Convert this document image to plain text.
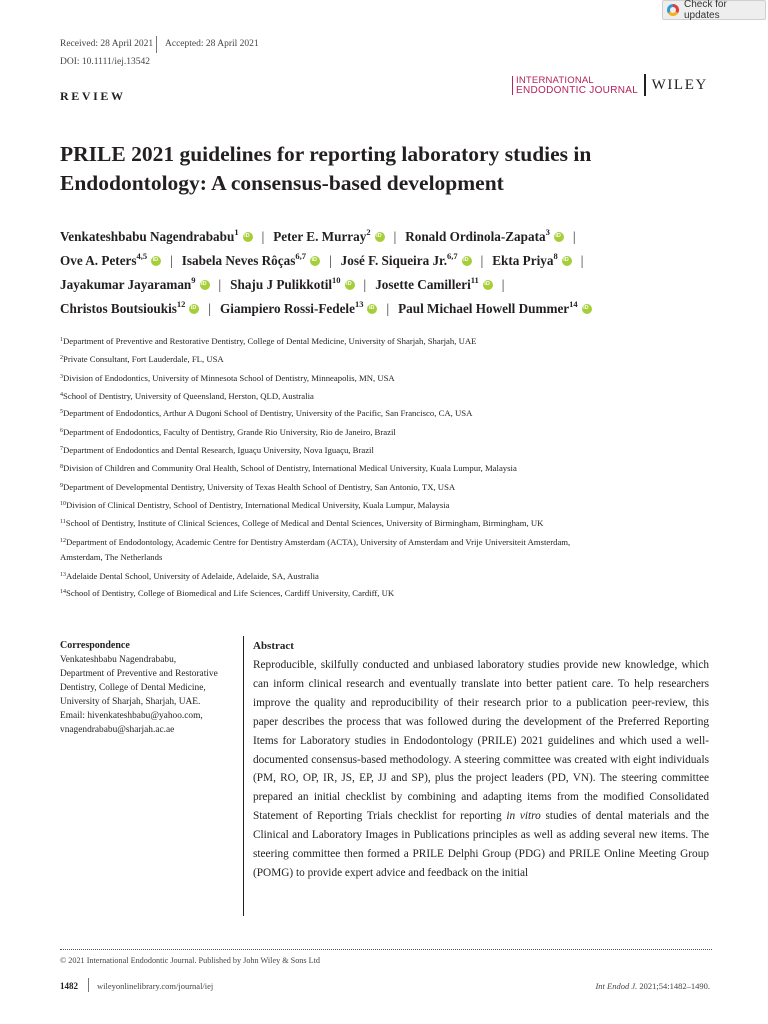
Check for updates
Received: 28 April 2021 Accepted: 28 April 2021
DOI: 10.1111/iej.13542
INTERNATIONAL
ENDODONTIC JOURNAL WILEY
REVIEW
PRILE 2021 guidelines for reporting laboratory studies in Endodontology: A consensus-based development
Venkateshbabu Nagendrababu$^1$ iD | Peter E. Murray$^2$ iD | Ronald Ordinola-Zapata$^3$ iD |
Ove A. Peters$^{4,5}$ iD | Isabela Neves Rôças$^{6,7}$ iD | José F. Siqueira Jr.$^{6,7}$ iD | Ekta Priya$^8$ iD |
Jayakumar Jayaraman$^9$ iD | Shaju J Pulikkotil$^{10}$ iD | Josette Camilleri$^{11}$ iD |
Christos Boutsioukis$^{12}$ iD | Giampiero Rossi-Fedele$^{13}$ iD | Paul Michael Howell Dummer$^{14}$iD
$^1$Department of Preventive and Restorative Dentistry, College of Dental Medicine, University of Sharjah, Sharjah, UAE
$^2$Private Consultant, Fort Lauderdale, FL, USA
$^3$Division of Endodontics, University of Minnesota School of Dentistry, Minneapolis, MN, USA
$^4$School of Dentistry, University of Queensland, Herston, QLD, Australia
$^5$Department of Endodontics, Arthur A Dugoni School of Dentistry, University of the Pacific, San Francisco, CA, USA
$^6$Department of Endodontics, Faculty of Dentistry, Grande Rio University, Rio de Janeiro, Brazil
$^7$Department of Endodontics and Dental Research, Iguaçu University, Nova Iguaçu, Brazil
$^8$Division of Children and Community Oral Health, School of Dentistry, International Medical University, Kuala Lumpur, Malaysia
$^9$Department of Developmental Dentistry, University of Texas Health School of Dentistry, San Antonio, TX, USA
$^{10}$Division of Clinical Dentistry, School of Dentistry, International Medical University, Kuala Lumpur, Malaysia
$^{11}$School of Dentistry, Institute of Clinical Sciences, College of Medical and Dental Sciences, University of Birmingham, Birmingham, UK
$^{12}$Department of Endodontology, Academic Centre for Dentistry Amsterdam (ACTA), University of Amsterdam and Vrije Universiteit Amsterdam,
Amsterdam, The Netherlands
$^{13}$Adelaide Dental School, University of Adelaide, Adelaide, SA, Australia
$^{14}$School of Dentistry, College of Biomedical and Life Sciences, Cardiff University, Cardiff, UK
Correspondence
Venkateshbabu Nagendrababu,
Department of Preventive and Restorative
Dentistry, College of Dental Medicine,
University of Sharjah, Sharjah, UAE.
Email: hivenkateshbabu@yahoo.com,
vnagendrababu@sharjah.ac.ae
Abstract

Reproducible, skilfully conducted and unbiased laboratory studies provide new knowledge, which can inform clinical research and eventually translate into better patient care. To help researchers improve the quality and reproducibility of their research prior to a publication peer-review, this paper describes the process that was followed during the development of the Preferred Reporting Items for Laboratory studies in Endodontology (PRILE) 2021 guidelines and which used a well-documented consensus-based methodology. A steering committee was created with eight individuals (PM, RO, OP, IR, JS, EP, JJ and SP), plus the project leaders (PD, VN). The steering committee prepared an initial checklist by combining and adapting items from the modified Consolidated Statement of Reporting Trials checklist for reporting in vitro studies of dental materials and the Clinical and Laboratory Images in Publications principles as well as adding several new items. The steering committee then formed a PRILE Delphi Group (PDG) and PRILE Online Meeting Group (POMG) to provide expert advice and feedback on the initial

© 2021 International Endodontic Journal. Published by John Wiley & Sons Ltd
1482 wileyonlinelibrary.com/journal/iej	Int Endod J. 2021;54:1482–1490.
